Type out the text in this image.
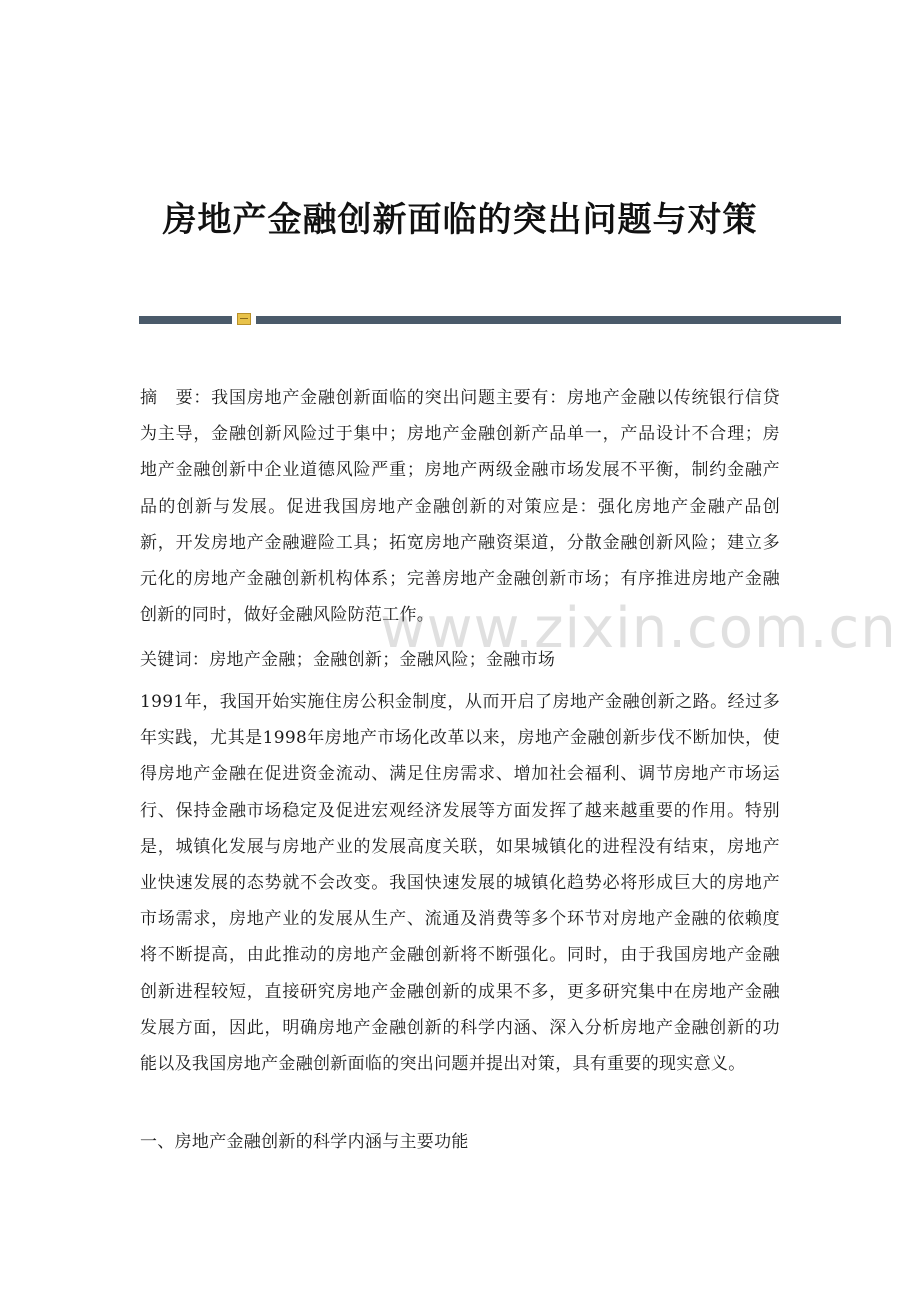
房地产金融创新面临的突出问题与对策
www.zixin.com.cn

摘　要：我国房地产金融创新面临的突出问题主要有：房地产金融以传统银行信贷为主导，金融创新风险过于集中；房地产金融创新产品单一，产品设计不合理；房地产金融创新中企业道德风险严重；房地产两级金融市场发展不平衡，制约金融产品的创新与发展。促进我国房地产金融创新的对策应是：强化房地产金融产品创新，开发房地产金融避险工具；拓宽房地产融资渠道，分散金融创新风险；建立多元化的房地产金融创新机构体系；完善房地产金融创新市场；有序推进房地产金融创新的同时，做好金融风险防范工作。

关键词：房地产金融；金融创新；金融风险；金融市场

1991年，我国开始实施住房公积金制度，从而开启了房地产金融创新之路。经过多年实践，尤其是1998年房地产市场化改革以来，房地产金融创新步伐不断加快，使得房地产金融在促进资金流动、满足住房需求、增加社会福利、调节房地产市场运行、保持金融市场稳定及促进宏观经济发展等方面发挥了越来越重要的作用。特别是，城镇化发展与房地产业的发展高度关联，如果城镇化的进程没有结束，房地产业快速发展的态势就不会改变。我国快速发展的城镇化趋势必将形成巨大的房地产市场需求，房地产业的发展从生产、流通及消费等多个环节对房地产金融的依赖度将不断提高，由此推动的房地产金融创新将不断强化。同时，由于我国房地产金融创新进程较短，直接研究房地产金融创新的成果不多，更多研究集中在房地产金融发展方面，因此，明确房地产金融创新的科学内涵、深入分析房地产金融创新的功能以及我国房地产金融创新面临的突出问题并提出对策，具有重要的现实意义。

一、房地产金融创新的科学内涵与主要功能
